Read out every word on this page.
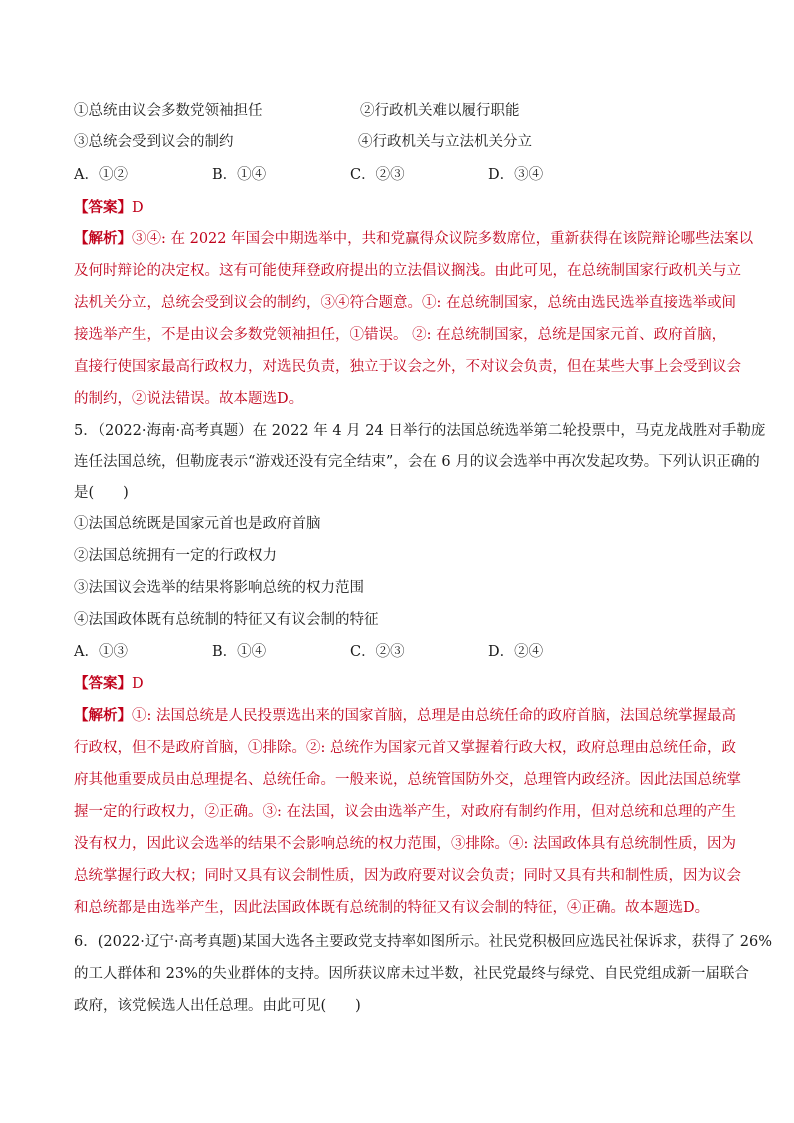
①总统由议会多数党领袖担任	②行政机关难以履行职能
③总统会受到议会的制约	④行政机关与立法机关分立
A．①②	B．①④	C．②③	D．③④
【答案】D
【解析】③④: 在 2022 年国会中期选举中，共和党赢得众议院多数席位，重新获得在该院辩论哪些法案以
及何时辩论的决定权。这有可能使拜登政府提出的立法倡议搁浅。由此可见，在总统制国家行政机关与立
法机关分立，总统会受到议会的制约，③④符合题意。①: 在总统制国家，总统由选民选举直接选举或间
接选举产生，不是由议会多数党领袖担任，①错误。 ②: 在总统制国家，总统是国家元首、政府首脑，
直接行使国家最高行政权力，对选民负责，独立于议会之外，不对议会负责，但在某些大事上会受到议会
的制约，②说法错误。故本题选D。
5．（2022·海南·高考真题）在 2022 年 4 月 24 日举行的法国总统选举第二轮投票中，马克龙战胜对手勒庞
连任法国总统，但勒庞表示“游戏还没有完全结束”，会在 6 月的议会选举中再次发起攻势。下列认识正确的
是(　　)
①法国总统既是国家元首也是政府首脑
②法国总统拥有一定的行政权力
③法国议会选举的结果将影响总统的权力范围
④法国政体既有总统制的特征又有议会制的特征
A．①③	B．①④	C．②③	D．②④
【答案】D
【解析】①: 法国总统是人民投票选出来的国家首脑，总理是由总统任命的政府首脑，法国总统掌握最高
行政权，但不是政府首脑，①排除。②: 总统作为国家元首又掌握着行政大权，政府总理由总统任命，政
府其他重要成员由总理提名、总统任命。一般来说，总统管国防外交，总理管内政经济。因此法国总统掌
握一定的行政权力，②正确。③: 在法国，议会由选举产生，对政府有制约作用，但对总统和总理的产生
没有权力，因此议会选举的结果不会影响总统的权力范围，③排除。④: 法国政体具有总统制性质，因为
总统掌握行政大权；同时又具有议会制性质，因为政府要对议会负责；同时又具有共和制性质，因为议会
和总统都是由选举产生，因此法国政体既有总统制的特征又有议会制的特征，④正确。故本题选D。
6．(2022·辽宁·高考真题)某国大选各主要政党支持率如图所示。社民党积极回应选民社保诉求，获得了 26%
的工人群体和 23%的失业群体的支持。因所获议席未过半数，社民党最终与绿党、自民党组成新一届联合
政府，该党候选人出任总理。由此可见(　　)
